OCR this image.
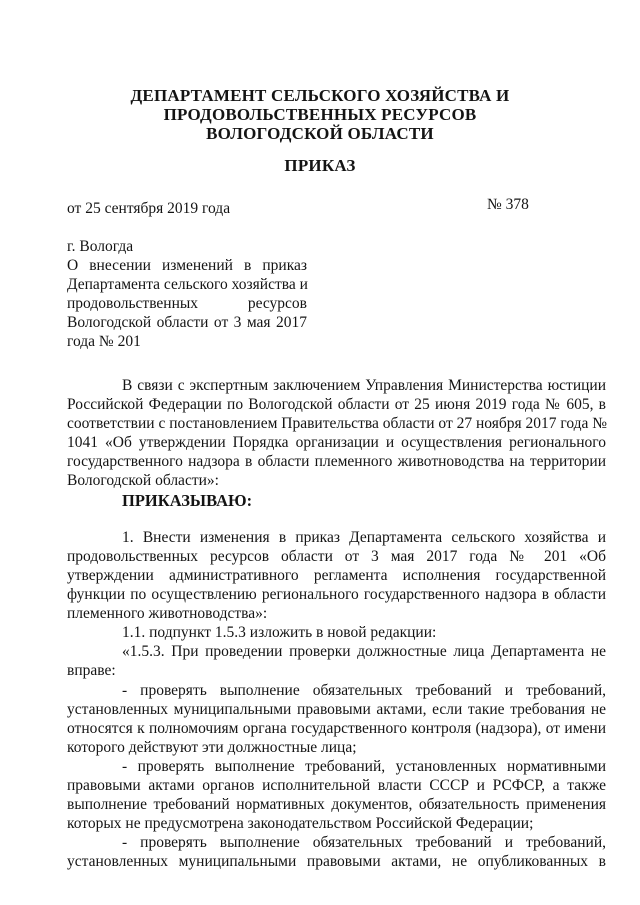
ДЕПАРТАМЕНТ СЕЛЬСКОГО ХОЗЯЙСТВА И
ПРОДОВОЛЬСТВЕННЫХ РЕСУРСОВ
ВОЛОГОДСКОЙ ОБЛАСТИ
ПРИКАЗ
от 25 сентября 2019 года	№ 378
г. Вологда
О внесении изменений в приказ
Департамента сельского хозяйства и
продовольственных ресурсов
Вологодской области от 3 мая 2017
года № 201
В связи с экспертным заключением Управления Министерства юстиции
Российской Федерации по Вологодской области от 25 июня 2019 года № 605, в
соответствии с постановлением Правительства области от 27 ноября 2017 года №
1041 «Об утверждении Порядка организации и осуществления регионального
государственного надзора в области племенного животноводства на территории
Вологодской области»:
ПРИКАЗЫВАЮ:
1. Внести изменения в приказ Департамента сельского хозяйства и
продовольственных ресурсов области от 3 мая 2017 года № 201 «Об
утверждении административного регламента исполнения государственной
функции по осуществлению регионального государственного надзора в области
племенного животноводства»:
1.1. подпункт 1.5.3 изложить в новой редакции:
«1.5.3. При проведении проверки должностные лица Департамента не
вправе:
- проверять выполнение обязательных требований и требований,
установленных муниципальными правовыми актами, если такие требования не
относятся к полномочиям органа государственного контроля (надзора), от имени
которого действуют эти должностные лица;
- проверять выполнение требований, установленных нормативными
правовыми актами органов исполнительной власти СССР и РСФСР, а также
выполнение требований нормативных документов, обязательность применения
которых не предусмотрена законодательством Российской Федерации;
- проверять выполнение обязательных требований и требований,
установленных муниципальными правовыми актами, не опубликованных в
